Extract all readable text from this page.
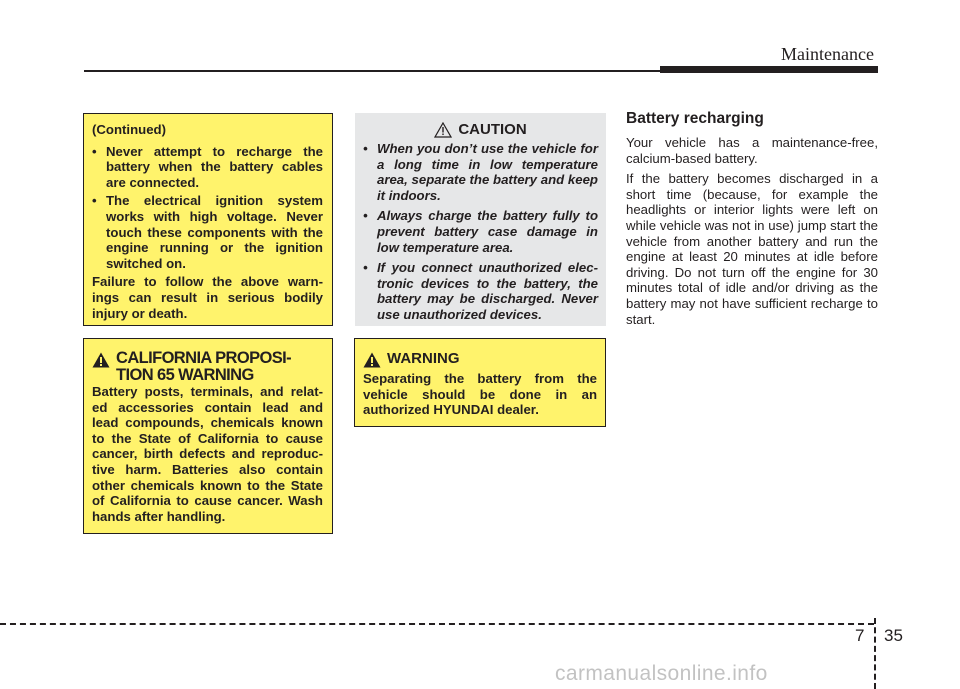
Maintenance

(Continued)

• Never attempt to recharge the battery when the battery cables are connected.
• The electrical ignition system works with high voltage. Never touch these components with the engine running or the ignition switched on.

Failure to follow the above warn- ings can result in serious bodily injury or death.

CALIFORNIA PROPOSI- TION 65 WARNING

Battery posts, terminals, and relat- ed accessories contain lead and lead compounds, chemicals known to the State of California to cause cancer, birth defects and reproduc- tive harm. Batteries also contain other chemicals known to the State of California to cause cancer. Wash hands after handling.

CAUTION
• When you don’t use the vehicle for a long time in low temperature area, separate the battery and keep it indoors.
• Always charge the battery fully to prevent battery case damage in low temperature area.
• If you connect unauthorized elec- tronic devices to the battery, the battery may be discharged. Never use unauthorized devices.
WARNING

Separating the battery from the vehicle should be done in an authorized HYUNDAI dealer.

Battery recharging

Your vehicle has a maintenance-free, calcium-based battery.

If the battery becomes discharged in a short time (because, for example the headlights or interior lights were left on while vehicle was not in use) jump start the vehicle from another battery and run the engine at least 20 minutes at idle before driving. Do not turn off the engine for 30 minutes total of idle and/or driving as the battery may not have sufficient recharge to start.

7 35
carmanualsonline.info
